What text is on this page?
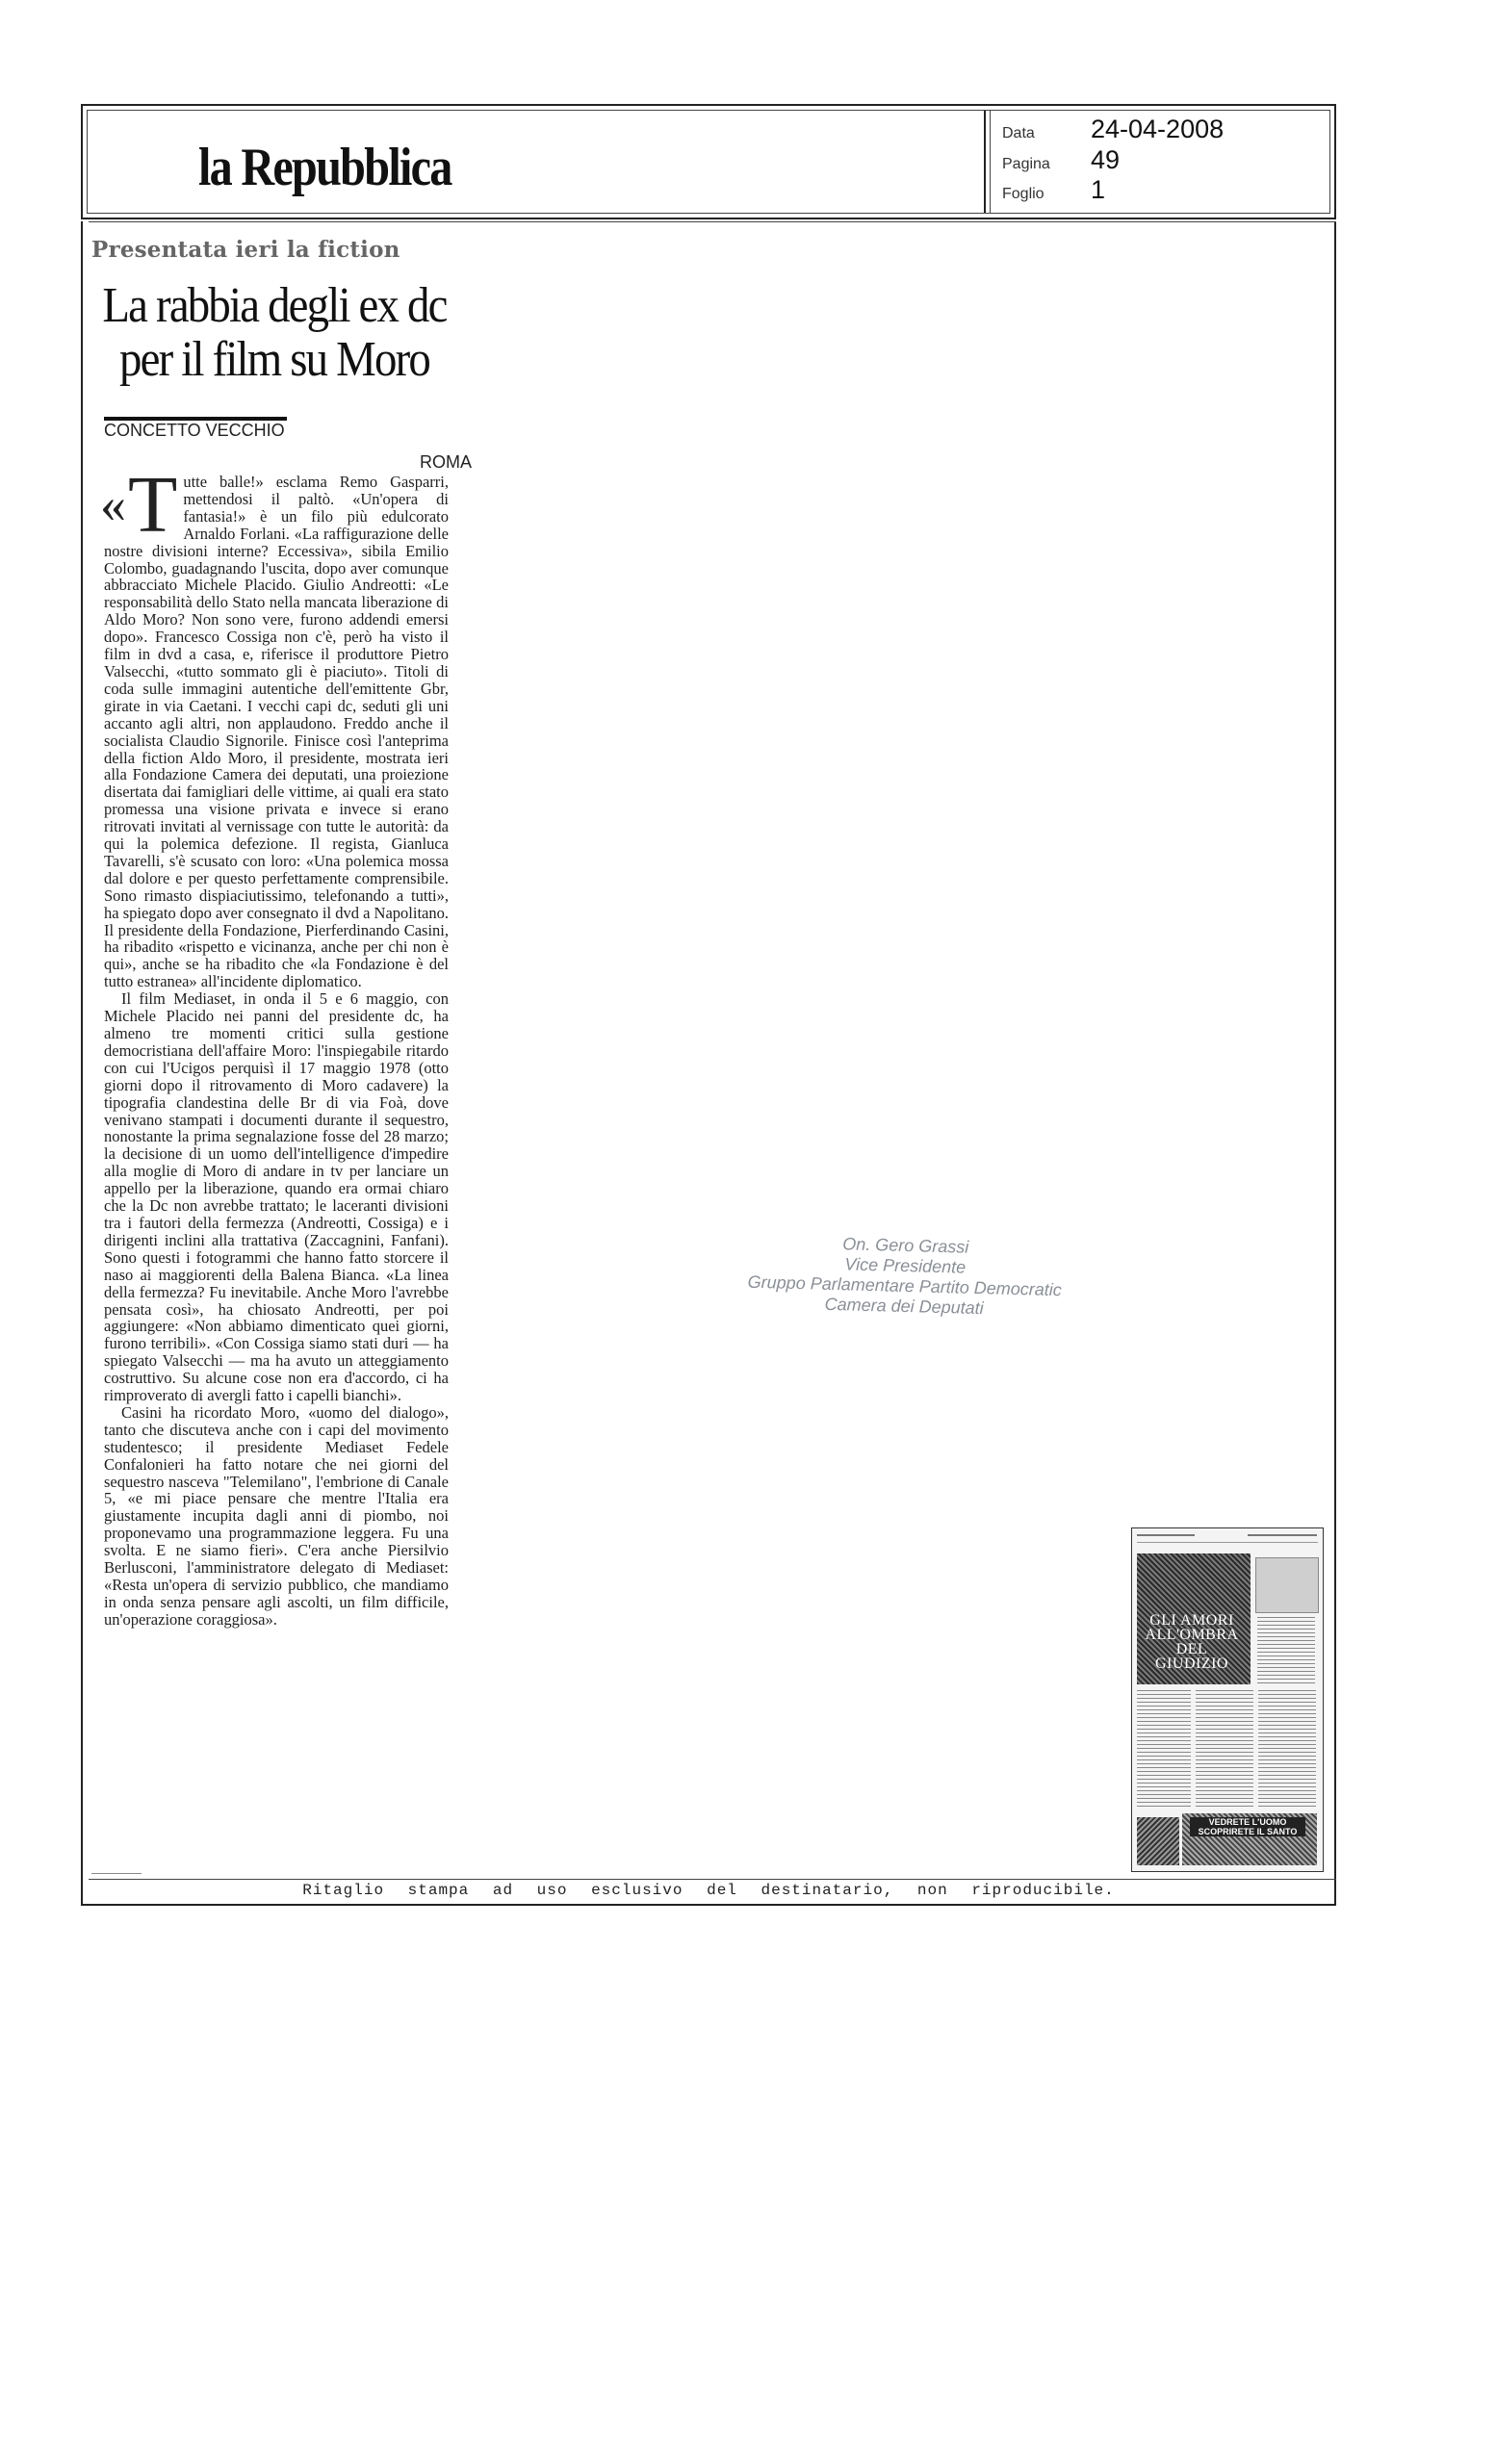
la Repubblica
Data 24-04-2008
Pagina 49
Foglio 1
Presentata ieri la fiction
La rabbia degli ex dc per il film su Moro
CONCETTO VECCHIO
ROMA

« T utte balle!» esclama Remo Gasparri, mettendosi il paltò. «Un'opera di fantasia!» è un filo più edulcorato Arnaldo Forlani. «La raffigurazione delle nostre divisioni interne? Eccessiva», sibila Emilio Colombo, guadagnando l'uscita, dopo aver comunque abbracciato Michele Placido. Giulio Andreotti: «Le responsabilità dello Stato nella mancata liberazione di Aldo Moro? Non sono vere, furono addendi emersi dopo». Francesco Cossiga non c'è, però ha visto il film in dvd a casa, e, riferisce il produttore Pietro Valsecchi, «tutto sommato gli è piaciuto». Titoli di coda sulle immagini autentiche dell'emittente Gbr, girate in via Caetani. I vecchi capi dc, seduti gli uni accanto agli altri, non applaudono. Freddo anche il socialista Claudio Signorile. Finisce così l'anteprima della fiction Aldo Moro, il presidente, mostrata ieri alla Fondazione Camera dei deputati, una proiezione disertata dai famigliari delle vittime, ai quali era stato promessa una visione privata e invece si erano ritrovati invitati al vernissage con tutte le autorità: da qui la polemica defezione. Il regista, Gianluca Tavarelli, s'è scusato con loro: «Una polemica mossa dal dolore e per questo perfettamente comprensibile. Sono rimasto dispiaciutissimo, telefonando a tutti», ha spiegato dopo aver consegnato il dvd a Napolitano. Il presidente della Fondazione, Pierferdinando Casini, ha ribadito «rispetto e vicinanza, anche per chi non è qui», anche se ha ribadito che «la Fondazione è del tutto estranea» all'incidente diplomatico.

Il film Mediaset, in onda il 5 e 6 maggio, con Michele Placido nei panni del presidente dc, ha almeno tre momenti critici sulla gestione democristiana dell'affaire Moro: l'inspiegabile ritardo con cui l'Ucigos perquisì il 17 maggio 1978 (otto giorni dopo il ritrovamento di Moro cadavere) la tipografia clandestina delle Br di via Foà, dove venivano stampati i documenti durante il sequestro, nonostante la prima segnalazione fosse del 28 marzo; la decisione di un uomo dell'intelligence d'impedire alla moglie di Moro di andare in tv per lanciare un appello per la liberazione, quando era ormai chiaro che la Dc non avrebbe trattato; le laceranti divisioni tra i fautori della fermezza (Andreotti, Cossiga) e i dirigenti inclini alla trattativa (Zaccagnini, Fanfani). Sono questi i fotogrammi che hanno fatto storcere il naso ai maggiorenti della Balena Bianca. «La linea della fermezza? Fu inevitabile. Anche Moro l'avrebbe pensata così», ha chiosato Andreotti, per poi aggiungere: «Non abbiamo dimenticato quei giorni, furono terribili». «Con Cossiga siamo stati duri — ha spiegato Valsecchi — ma ha avuto un atteggiamento costruttivo. Su alcune cose non era d'accordo, ci ha rimproverato di avergli fatto i capelli bianchi».

Casini ha ricordato Moro, «uomo del dialogo», tanto che discuteva anche con i capi del movimento studentesco; il presidente Mediaset Fedele Confalonieri ha fatto notare che nei giorni del sequestro nasceva "Telemilano", l'embrione di Canale 5, «e mi piace pensare che mentre l'Italia era giustamente incupita dagli anni di piombo, noi proponevamo una programmazione leggera. Fu una svolta. E ne siamo fieri». C'era anche Piersilvio Berlusconi, l'amministratore delegato di Mediaset: «Resta un'opera di servizio pubblico, che mandiamo in onda senza pensare agli ascolti, un film difficile, un'operazione coraggiosa».

On. Gero Grassi
Vice Presidente
Gruppo Parlamentare Partito Democratic
Camera dei Deputati
GLI AMORI ALL'OMBRA DEL GIUDIZIO
VEDRETE L'UOMO SCOPRIRETE IL SANTO
Ritaglio stampa ad uso esclusivo del destinatario, non riproducibile.
